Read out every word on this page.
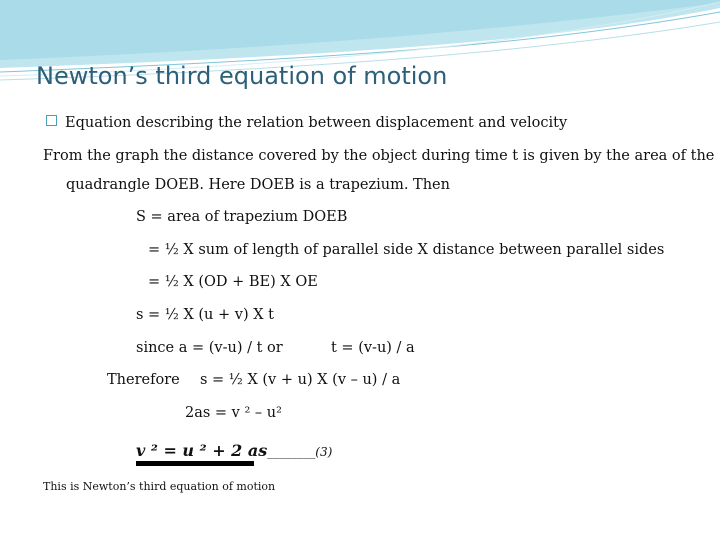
Newton’s third equation of motion
Equation describing the relation between displacement and velocity
From the graph the distance covered by the object during time t is given by the area of the
quadrangle DOEB. Here DOEB is a trapezium. Then
S = area of trapezium DOEB
= ½ X sum of length of parallel side X distance between parallel sides
= ½ X (OD + BE) X OE
s = ½ X (u + v) X t
since a = (v-u) / t or	t = (v-u) / a
Therefore s = ½ X (v + u) X (v – u) / a
2as = v ² – u²
v ² = u ² + 2 as________(3)
This is Newton’s third equation of motion
